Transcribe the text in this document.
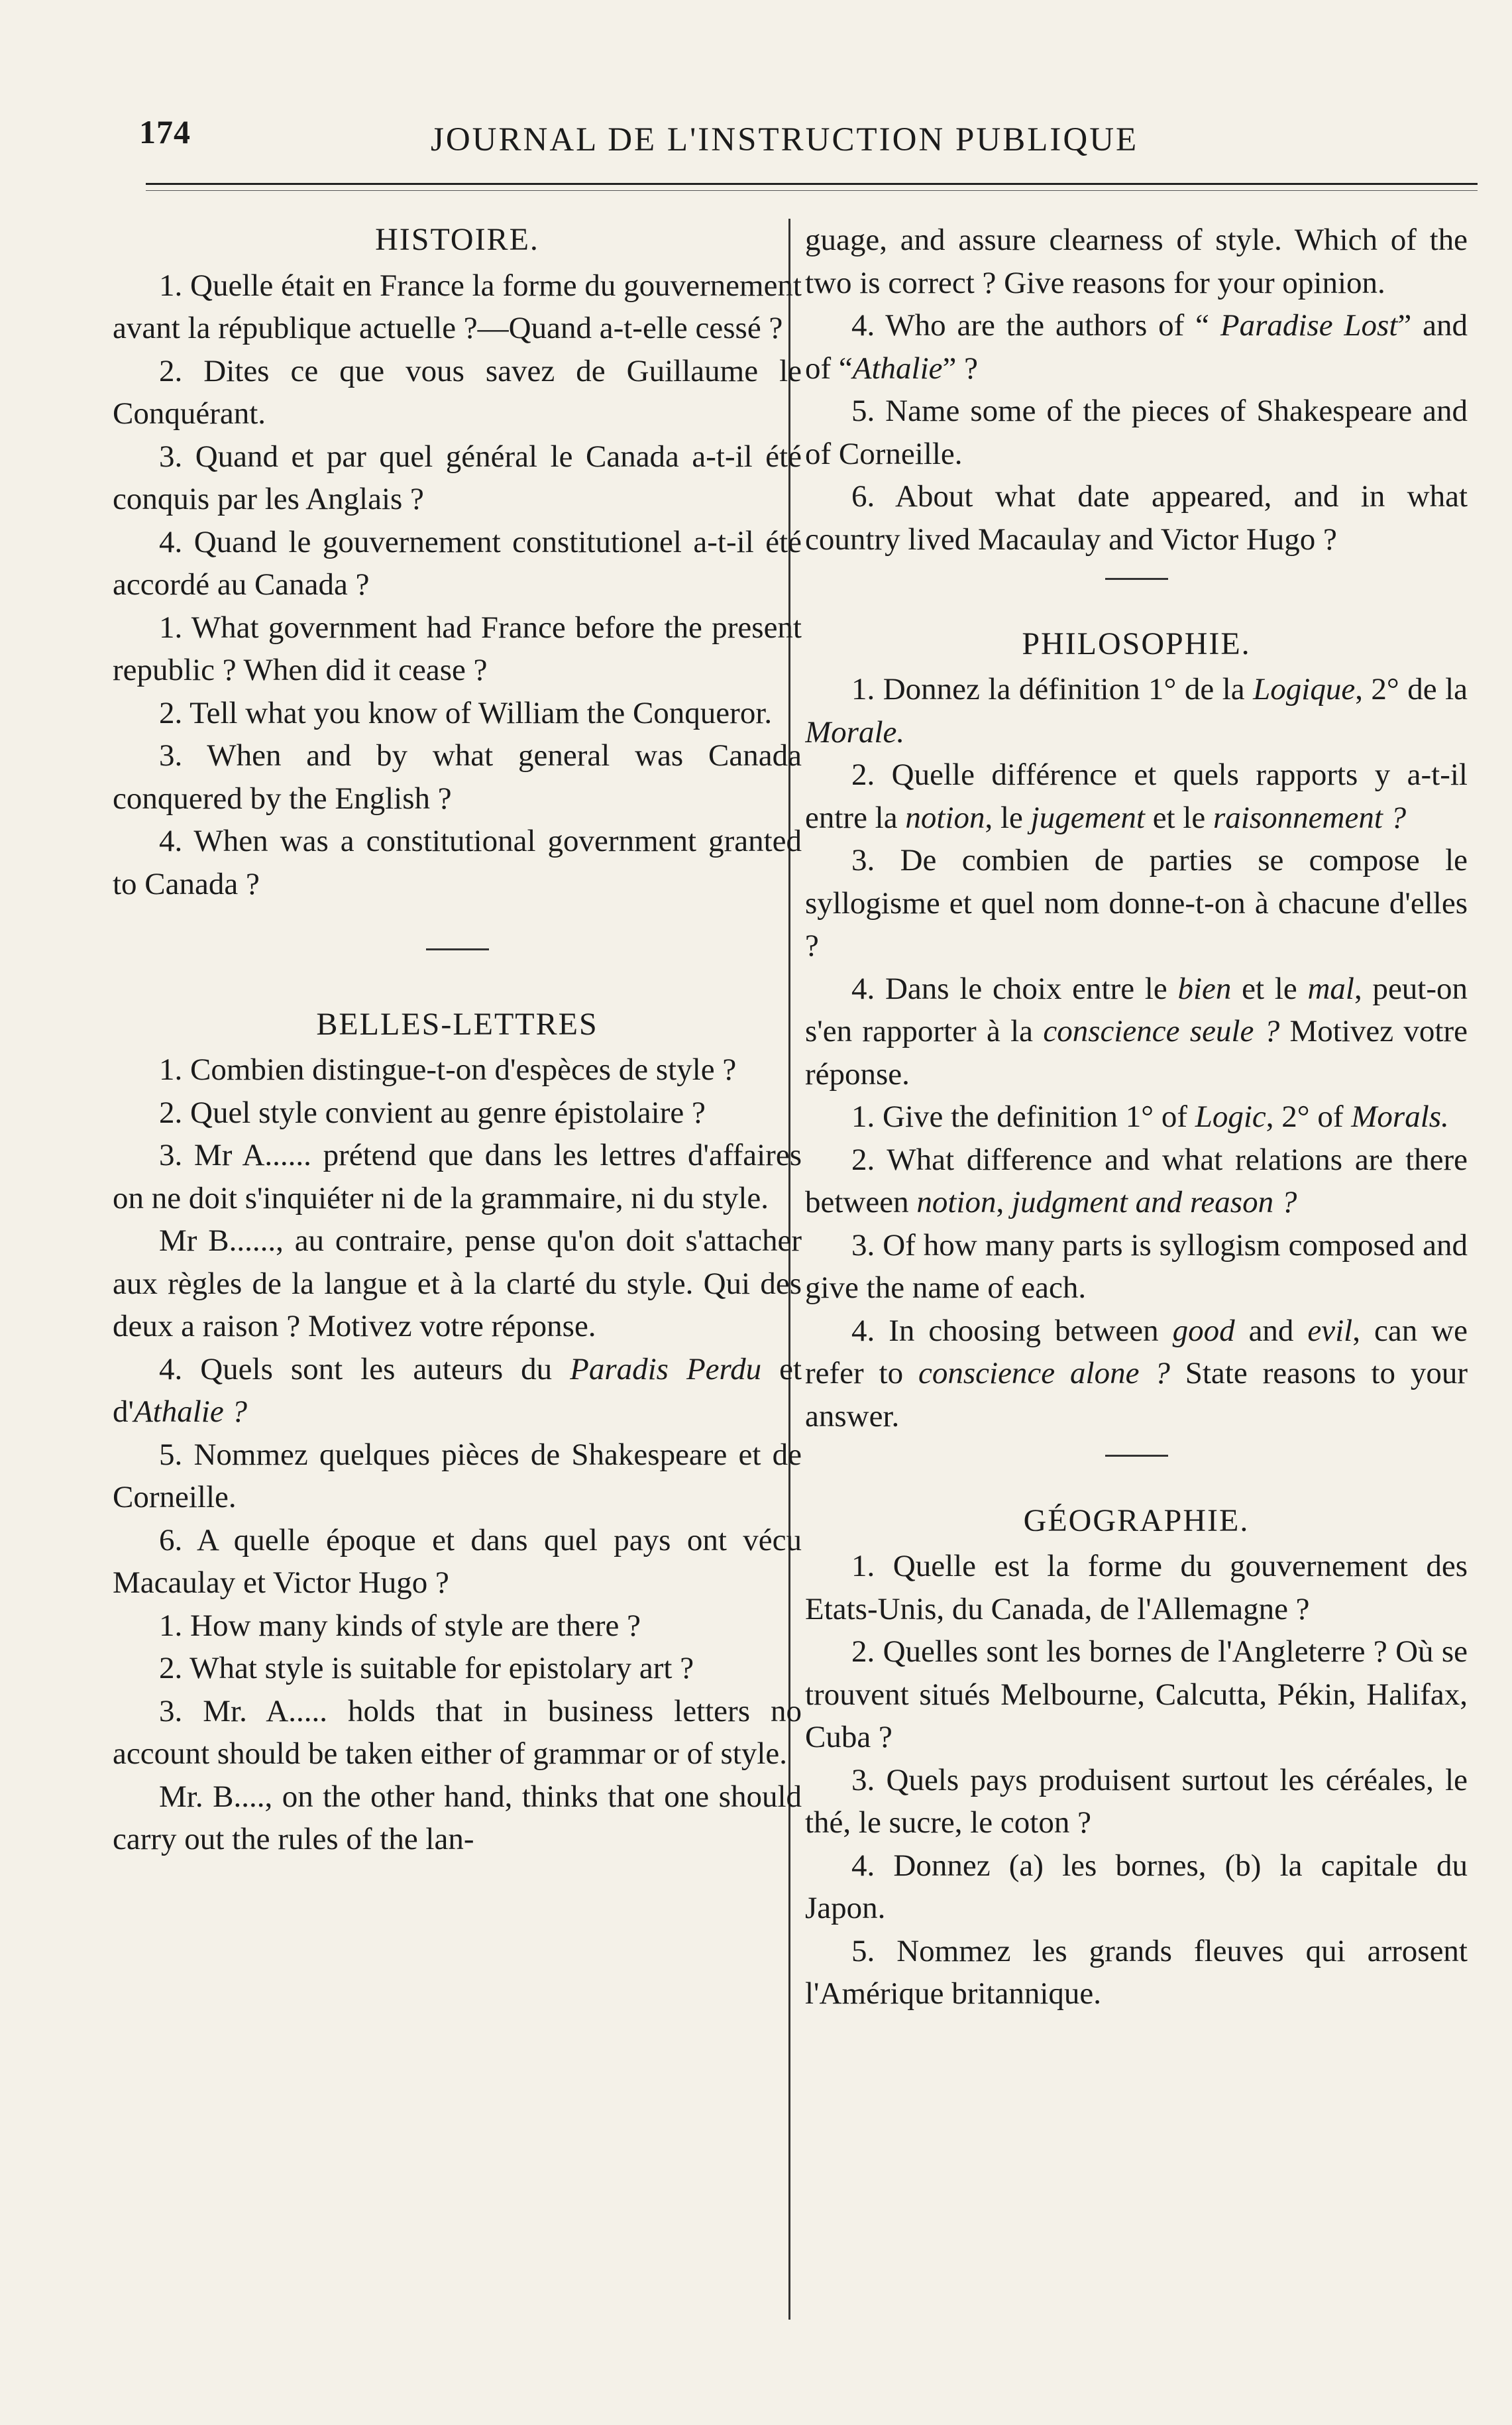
174	JOURNAL DE L'INSTRUCTION PUBLIQUE
HISTOIRE.

1. Quelle était en France la forme du gouvernement avant la république actuelle ?—Quand a-t-elle cessé ?

2. Dites ce que vous savez de Guillaume le Conquérant.

3. Quand et par quel général le Canada a-t-il été conquis par les Anglais ?

4. Quand le gouvernement constitutionel a-t-il été accordé au Canada ?

1. What government had France before the present republic ? When did it cease ?

2. Tell what you know of William the Conqueror.

3. When and by what general was Canada conquered by the English ?

4. When was a constitutional government granted to Canada ?

BELLES-LETTRES

1. Combien distingue-t-on d'espèces de style ?

2. Quel style convient au genre épistolaire ?

3. Mr A...... prétend que dans les lettres d'affaires on ne doit s'inquiéter ni de la grammaire, ni du style.

Mr B......, au contraire, pense qu'on doit s'attacher aux règles de la langue et à la clarté du style. Qui des deux a raison ? Motivez votre réponse.

4. Quels sont les auteurs du Paradis Perdu et d'Athalie ?

5. Nommez quelques pièces de Shakespeare et de Corneille.

6. A quelle époque et dans quel pays ont vécu Macaulay et Victor Hugo ?

1. How many kinds of style are there ?

2. What style is suitable for epistolary art ?

3. Mr. A..... holds that in business letters no account should be taken either of grammar or of style.

Mr. B...., on the other hand, thinks that one should carry out the rules of the lan-

guage, and assure clearness of style. Which of the two is correct ? Give reasons for your opinion.

4. Who are the authors of “ Paradise Lost” and of “Athalie” ?

5. Name some of the pieces of Shakespeare and of Corneille.

6. About what date appeared, and in what country lived Macaulay and Victor Hugo ?

PHILOSOPHIE.

1. Donnez la définition 1° de la Logique, 2° de la Morale.

2. Quelle différence et quels rapports y a-t-il entre la notion, le jugement et le raisonnement ?

3. De combien de parties se compose le syllogisme et quel nom donne-t-on à chacune d'elles ?

4. Dans le choix entre le bien et le mal, peut-on s'en rapporter à la conscience seule ? Motivez votre réponse.

1. Give the definition 1° of Logic, 2° of Morals.

2. What difference and what relations are there between notion, judgment and reason ?

3. Of how many parts is syllogism composed and give the name of each.

4. In choosing between good and evil, can we refer to conscience alone ? State reasons to your answer.

GÉOGRAPHIE.

1. Quelle est la forme du gouvernement des Etats-Unis, du Canada, de l'Allemagne ?

2. Quelles sont les bornes de l'Angleterre ? Où se trouvent situés Melbourne, Calcutta, Pékin, Halifax, Cuba ?

3. Quels pays produisent surtout les céréales, le thé, le sucre, le coton ?

4. Donnez (a) les bornes, (b) la capitale du Japon.

5. Nommez les grands fleuves qui arrosent l'Amérique britannique.
